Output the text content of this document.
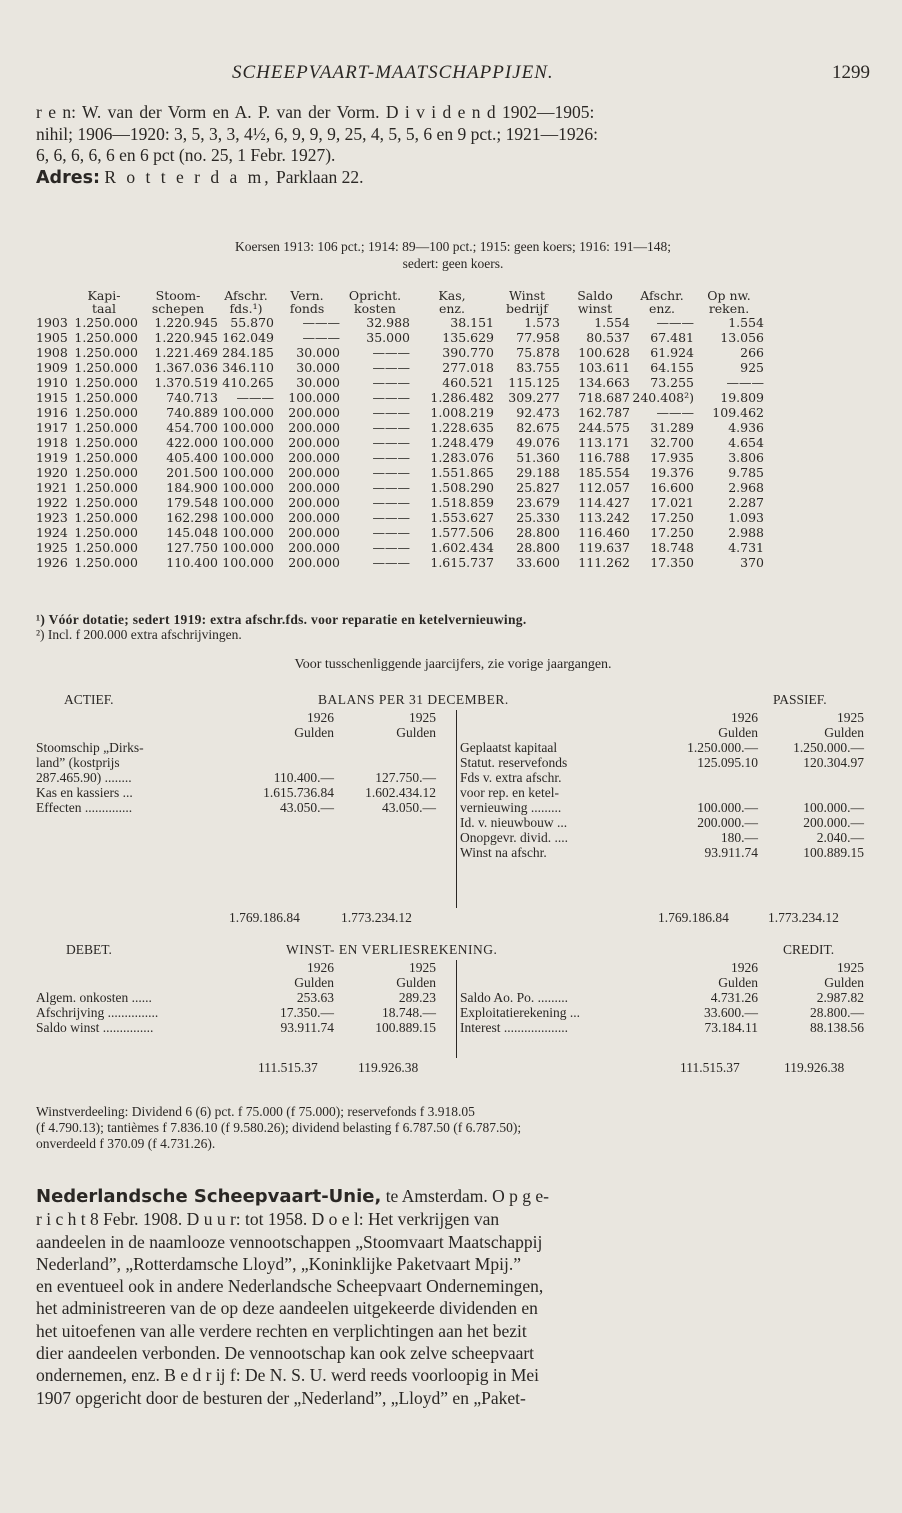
SCHEEPVAART-MAATSCHAPPIJEN.	1299
r e n: W. van der Vorm en A. P. van der Vorm. D i v i d e n d 1902—1905:
nihil; 1906—1920: 3, 5, 3, 3, 4½, 6, 9, 9, 9, 25, 4, 5, 5, 6 en 9 pct.; 1921—1926:
6, 6, 6, 6, 6 en 6 pct (no. 25, 1 Febr. 1927).
Adres: R o t t e r d a m, Parklaan 22.
Koersen 1913: 106 pct.; 1914: 89—100 pct.; 1915: geen koers; 1916: 191—148;
sedert: geen koers.
	Kapi-	Stoom-	Afschr.	Vern.	Opricht.	Kas,	Winst	Saldo	Afschr.	Op nw.
	taal	schepen	fds.¹)	fonds	kosten	enz.	bedrijf	winst	enz.	reken.
1903	1.250.000	1.220.945	55.870	———	32.988	38.151	1.573	1.554	———	1.554
1905	1.250.000	1.220.945	162.049	———	35.000	135.629	77.958	80.537	67.481	13.056
1908	1.250.000	1.221.469	284.185	30.000	———	390.770	75.878	100.628	61.924	266
1909	1.250.000	1.367.036	346.110	30.000	———	277.018	83.755	103.611	64.155	925
1910	1.250.000	1.370.519	410.265	30.000	———	460.521	115.125	134.663	73.255	———
1915	1.250.000	740.713	———	100.000	———	1.286.482	309.277	718.687	240.408²)	19.809
1916	1.250.000	740.889	100.000	200.000	———	1.008.219	92.473	162.787	———	109.462
1917	1.250.000	454.700	100.000	200.000	———	1.228.635	82.675	244.575	31.289	4.936
1918	1.250.000	422.000	100.000	200.000	———	1.248.479	49.076	113.171	32.700	4.654
1919	1.250.000	405.400	100.000	200.000	———	1.283.076	51.360	116.788	17.935	3.806
1920	1.250.000	201.500	100.000	200.000	———	1.551.865	29.188	185.554	19.376	9.785
1921	1.250.000	184.900	100.000	200.000	———	1.508.290	25.827	112.057	16.600	2.968
1922	1.250.000	179.548	100.000	200.000	———	1.518.859	23.679	114.427	17.021	2.287
1923	1.250.000	162.298	100.000	200.000	———	1.553.627	25.330	113.242	17.250	1.093
1924	1.250.000	145.048	100.000	200.000	———	1.577.506	28.800	116.460	17.250	2.988
1925	1.250.000	127.750	100.000	200.000	———	1.602.434	28.800	119.637	18.748	4.731
1926	1.250.000	110.400	100.000	200.000	———	1.615.737	33.600	111.262	17.350	370
¹) Vóór dotatie; sedert 1919: extra afschr.fds. voor reparatie en ketelvernieuwing.
²) Incl. f 200.000 extra afschrijvingen.
Voor tusschenliggende jaarcijfers, zie vorige jaargangen.
ACTIEF.	BALANS PER 31 DECEMBER.	PASSIEF.
1926	1925
Gulden	Gulden
Stoomschip „Dirks-
land” (kostprijs
287.465.90) ........	110.400.—	127.750.—
Kas en kassiers ...	1.615.736.84 1.602.434.12
Effecten ..............	43.050.—	43.050.—
1926	1925
Gulden	Gulden
Geplaatst kapitaal	1.250.000.—	1.250.000.—
Statut. reservefonds	125.095.10	120.304.97
Fds v. extra afschr.
voor rep. en ketel-
vernieuwing .........	100.000.—	100.000.—
Id. v. nieuwbouw ...	200.000.—	200.000.—
Onopgevr. divid. ....	180.—	2.040.—
Winst na afschr.	93.911.74	100.889.15
1.769.186.84	1.773.234.12	1.769.186.84	1.773.234.12
DEBET.	WINST- EN VERLIESREKENING.	CREDIT.
1926	1925
Gulden	Gulden
Algem. onkosten ......	253.63	289.23
Afschrijving ...............	17.350.—	18.748.—
Saldo winst ...............	93.911.74	100.889.15
1926	1925
Gulden	Gulden
Saldo Ao. Po. .........	4.731.26	2.987.82
Exploitatierekening ...	33.600.—	28.800.—
Interest ...................	73.184.11	88.138.56
111.515.37	119.926.38	111.515.37	119.926.38
Winstverdeeling: Dividend 6 (6) pct. f 75.000 (f 75.000); reservefonds f 3.918.05
(f 4.790.13); tantièmes f 7.836.10 (f 9.580.26); dividend belasting f 6.787.50 (f 6.787.50);
onverdeeld f 370.09 (f 4.731.26).
Nederlandsche Scheepvaart-Unie, te Amsterdam. O p g e-
r i c h t 8 Febr. 1908. D u u r: tot 1958. D o e l: Het verkrijgen van
aandeelen in de naamlooze vennootschappen „Stoomvaart Maatschappij
Nederland”, „Rotterdamsche Lloyd”, „Koninklijke Paketvaart Mpij.”
en eventueel ook in andere Nederlandsche Scheepvaart Ondernemingen,
het administreeren van de op deze aandeelen uitgekeerde dividenden en
het uitoefenen van alle verdere rechten en verplichtingen aan het bezit
dier aandeelen verbonden. De vennootschap kan ook zelve scheepvaart
ondernemen, enz. B e d r ij f: De N. S. U. werd reeds voorloopig in Mei
1907 opgericht door de besturen der „Nederland”, „Lloyd” en „Paket-
